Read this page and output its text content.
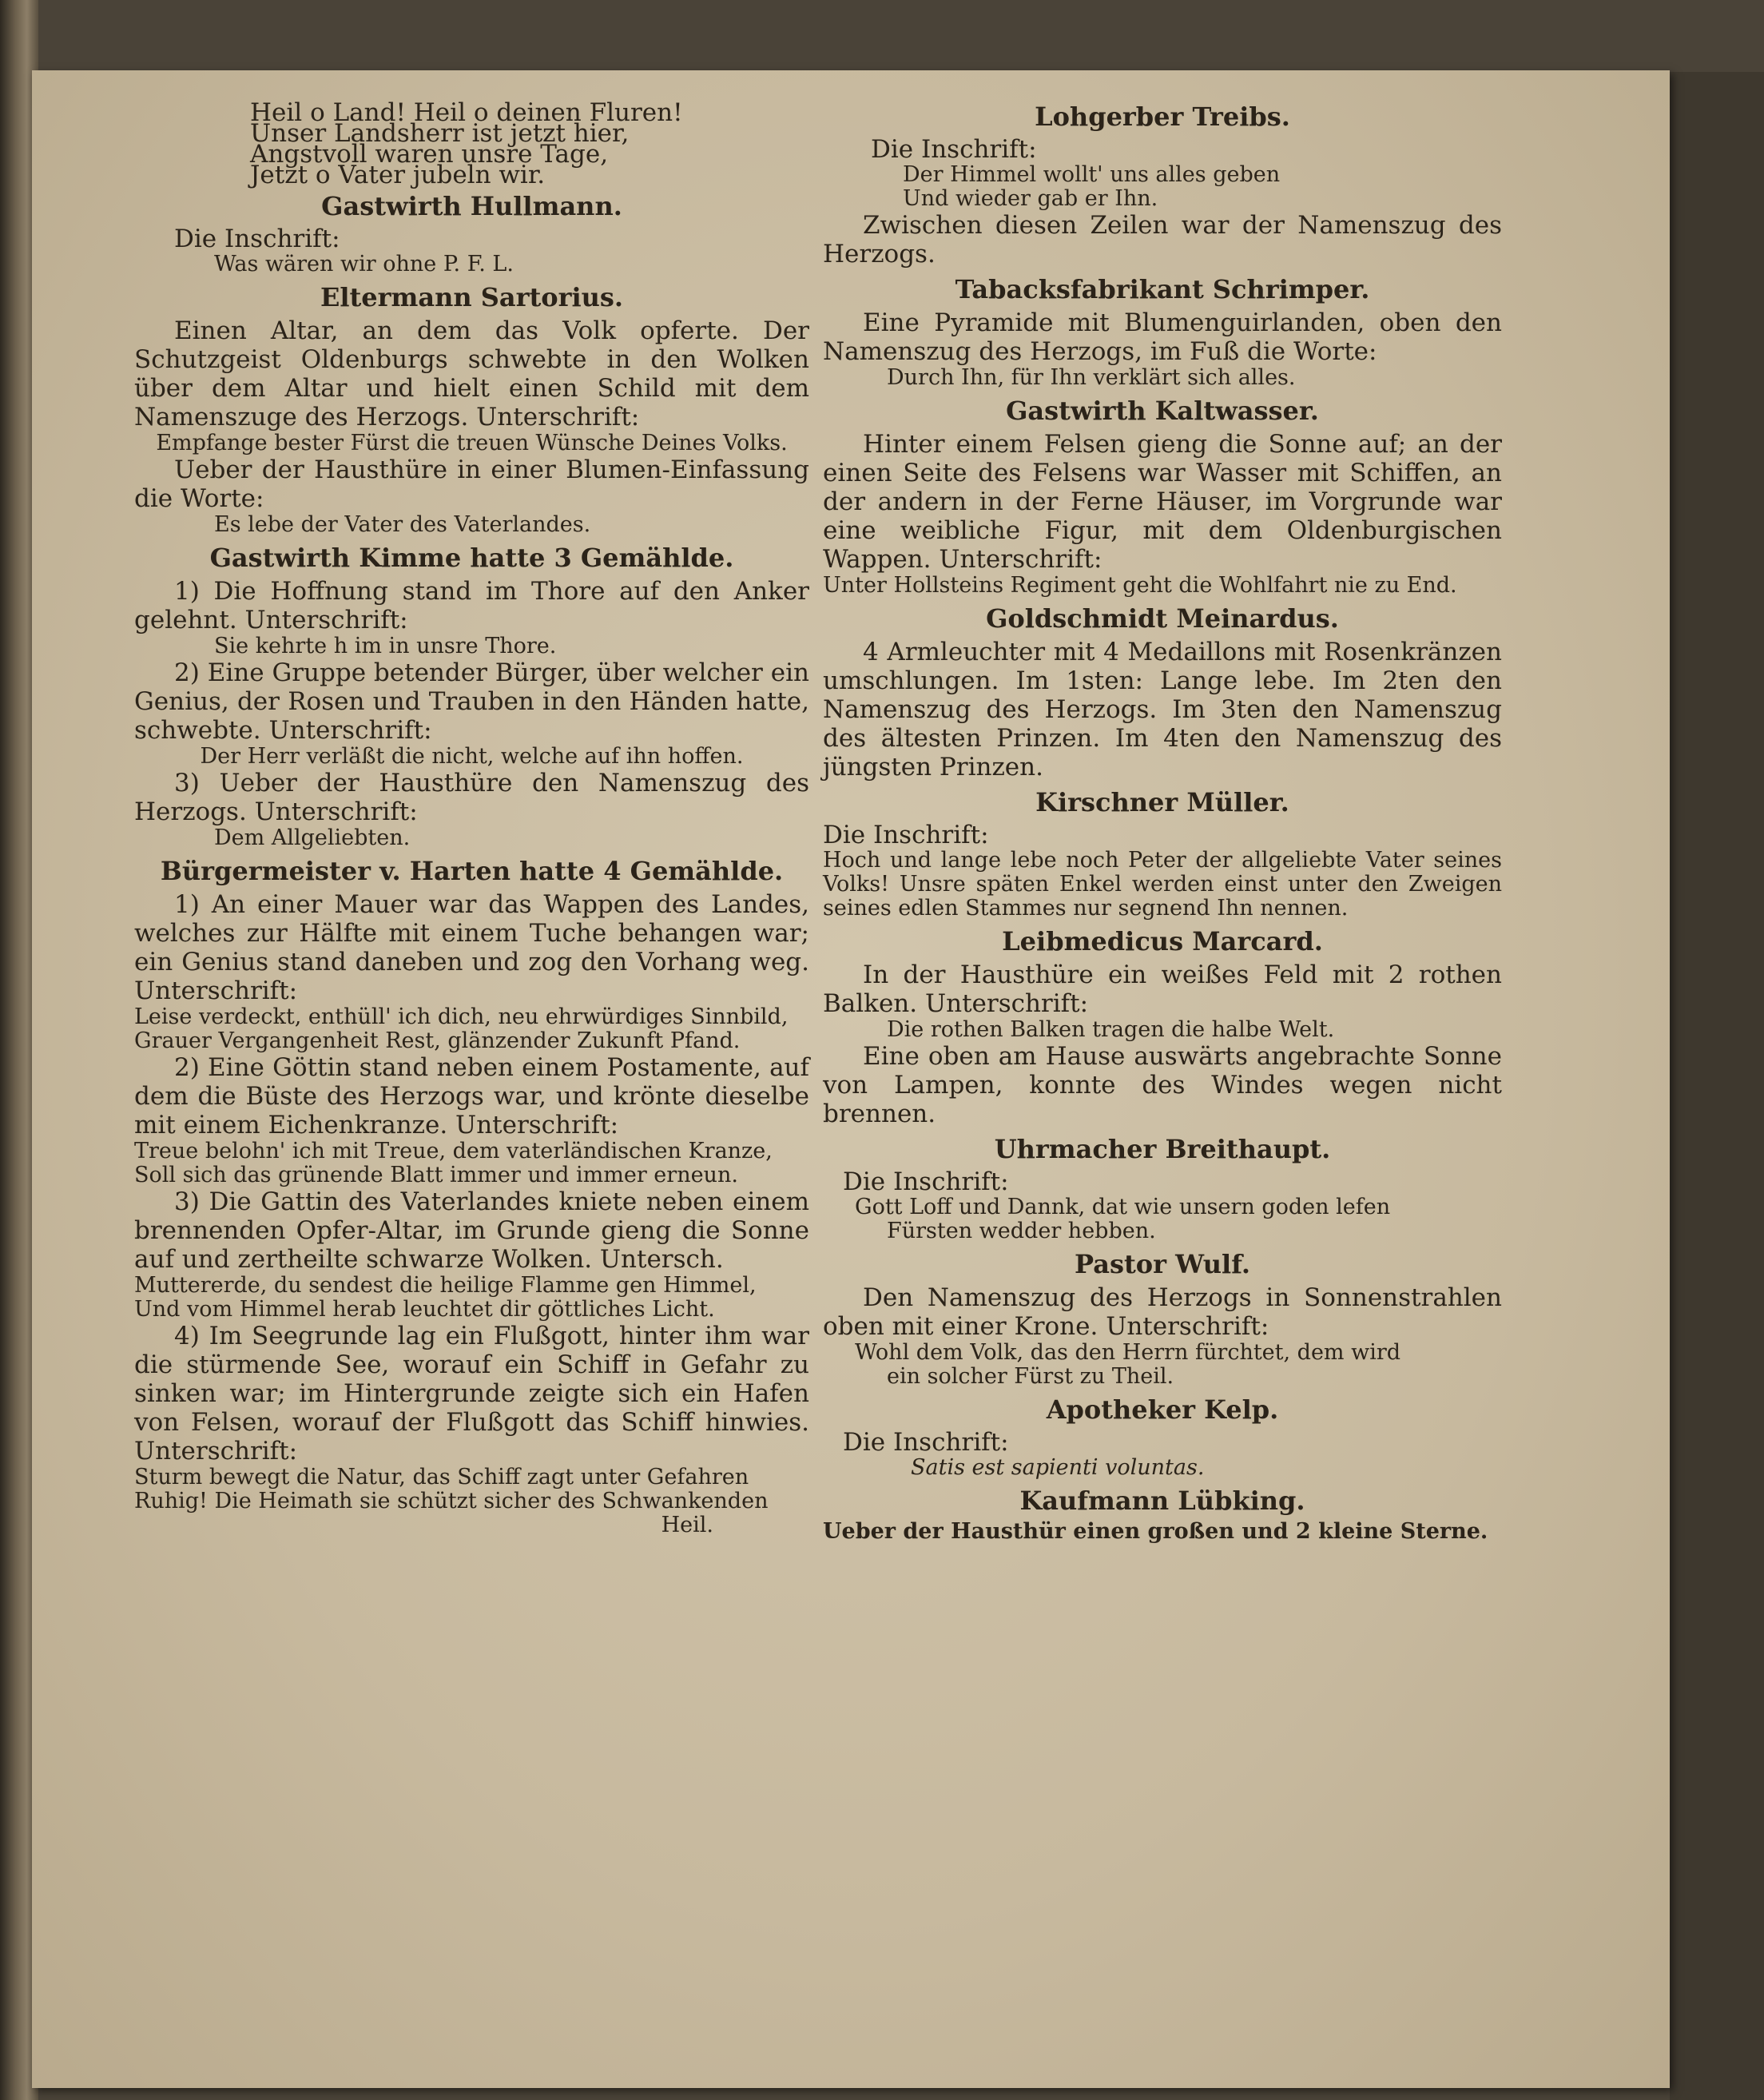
Heil o Land! Heil o deinen Fluren!
Unser Landsherr ist jetzt hier,
Angstvoll waren unsre Tage,
Jetzt o Vater jubeln wir.
Gastwirth Hullmann.
Die Inschrift:
Was wären wir ohne P. F. L.
Eltermann Sartorius.
Einen Altar, an dem das Volk opferte. Der Schutzgeist Oldenburgs schwebte in den Wolken über dem Altar und hielt einen Schild mit dem Namenszuge des Herzogs. Unterschrift:
Empfange bester Fürst die treuen Wünsche Deines Volks.
Ueber der Hausthüre in einer Blumen-Einfassung die Worte:
Es lebe der Vater des Vaterlandes.
Gastwirth Kimme hatte 3 Gemählde.
1) Die Hoffnung stand im Thore auf den Anker gelehnt. Unterschrift:
Sie kehrte h im in unsre Thore.
2) Eine Gruppe betender Bürger, über welcher ein Genius, der Rosen und Trauben in den Händen hatte, schwebte. Unterschrift:
Der Herr verläßt die nicht, welche auf ihn hoffen.
3) Ueber der Hausthüre den Namenszug des Herzogs. Unterschrift:
Dem Allgeliebten.
Bürgermeister v. Harten hatte 4 Gemählde.
1) An einer Mauer war das Wappen des Landes, welches zur Hälfte mit einem Tuche behangen war; ein Genius stand daneben und zog den Vorhang weg. Unterschrift:
Leise verdeckt, enthüll' ich dich, neu ehrwürdiges Sinnbild,
Grauer Vergangenheit Rest, glänzender Zukunft Pfand.
2) Eine Göttin stand neben einem Postamente, auf dem die Büste des Herzogs war, und krönte dieselbe mit einem Eichenkranze. Unterschrift:
Treue belohn' ich mit Treue, dem vaterländischen Kranze,
Soll sich das grünende Blatt immer und immer erneun.
3) Die Gattin des Vaterlandes kniete neben einem brennenden Opfer-Altar, im Grunde gieng die Sonne auf und zertheilte schwarze Wolken. Untersch.
Muttererde, du sendest die heilige Flamme gen Himmel,
Und vom Himmel herab leuchtet dir göttliches Licht.
4) Im Seegrunde lag ein Flußgott, hinter ihm war die stürmende See, worauf ein Schiff in Gefahr zu sinken war; im Hintergrunde zeigte sich ein Hafen von Felsen, worauf der Flußgott das Schiff hinwies. Unterschrift:
Sturm bewegt die Natur, das Schiff zagt unter Gefahren
Ruhig! Die Heimath sie schützt sicher des Schwankenden
Heil.
Lohgerber Treibs.
Die Inschrift:
Der Himmel wollt' uns alles geben
Und wieder gab er Ihn.
Zwischen diesen Zeilen war der Namenszug des Herzogs.
Tabacksfabrikant Schrimper.
Eine Pyramide mit Blumenguirlanden, oben den Namenszug des Herzogs, im Fuß die Worte:
Durch Ihn, für Ihn verklärt sich alles.
Gastwirth Kaltwasser.
Hinter einem Felsen gieng die Sonne auf; an der einen Seite des Felsens war Wasser mit Schiffen, an der andern in der Ferne Häuser, im Vorgrunde war eine weibliche Figur, mit dem Oldenburgischen Wappen. Unterschrift:
Unter Hollsteins Regiment geht die Wohlfahrt nie zu End.
Goldschmidt Meinardus.
4 Armleuchter mit 4 Medaillons mit Rosenkränzen umschlungen. Im 1sten: Lange lebe. Im 2ten den Namenszug des Herzogs. Im 3ten den Namenszug des ältesten Prinzen. Im 4ten den Namenszug des jüngsten Prinzen.
Kirschner Müller.
Die Inschrift:
Hoch und lange lebe noch Peter der allgeliebte Vater seines Volks! Unsre späten Enkel werden einst unter den Zweigen seines edlen Stammes nur segnend Ihn nennen.
Leibmedicus Marcard.
In der Hausthüre ein weißes Feld mit 2 rothen Balken. Unterschrift:
Die rothen Balken tragen die halbe Welt.
Eine oben am Hause auswärts angebrachte Sonne von Lampen, konnte des Windes wegen nicht brennen.
Uhrmacher Breithaupt.
Die Inschrift:
Gott Loff und Dannk, dat wie unsern goden lefen
Fürsten wedder hebben.
Pastor Wulf.
Den Namenszug des Herzogs in Sonnenstrahlen oben mit einer Krone. Unterschrift:
Wohl dem Volk, das den Herrn fürchtet, dem wird
ein solcher Fürst zu Theil.
Apotheker Kelp.
Die Inschrift:
Satis est sapienti voluntas.
Kaufmann Lübking.
Ueber der Hausthür einen großen und 2 kleine Sterne.
